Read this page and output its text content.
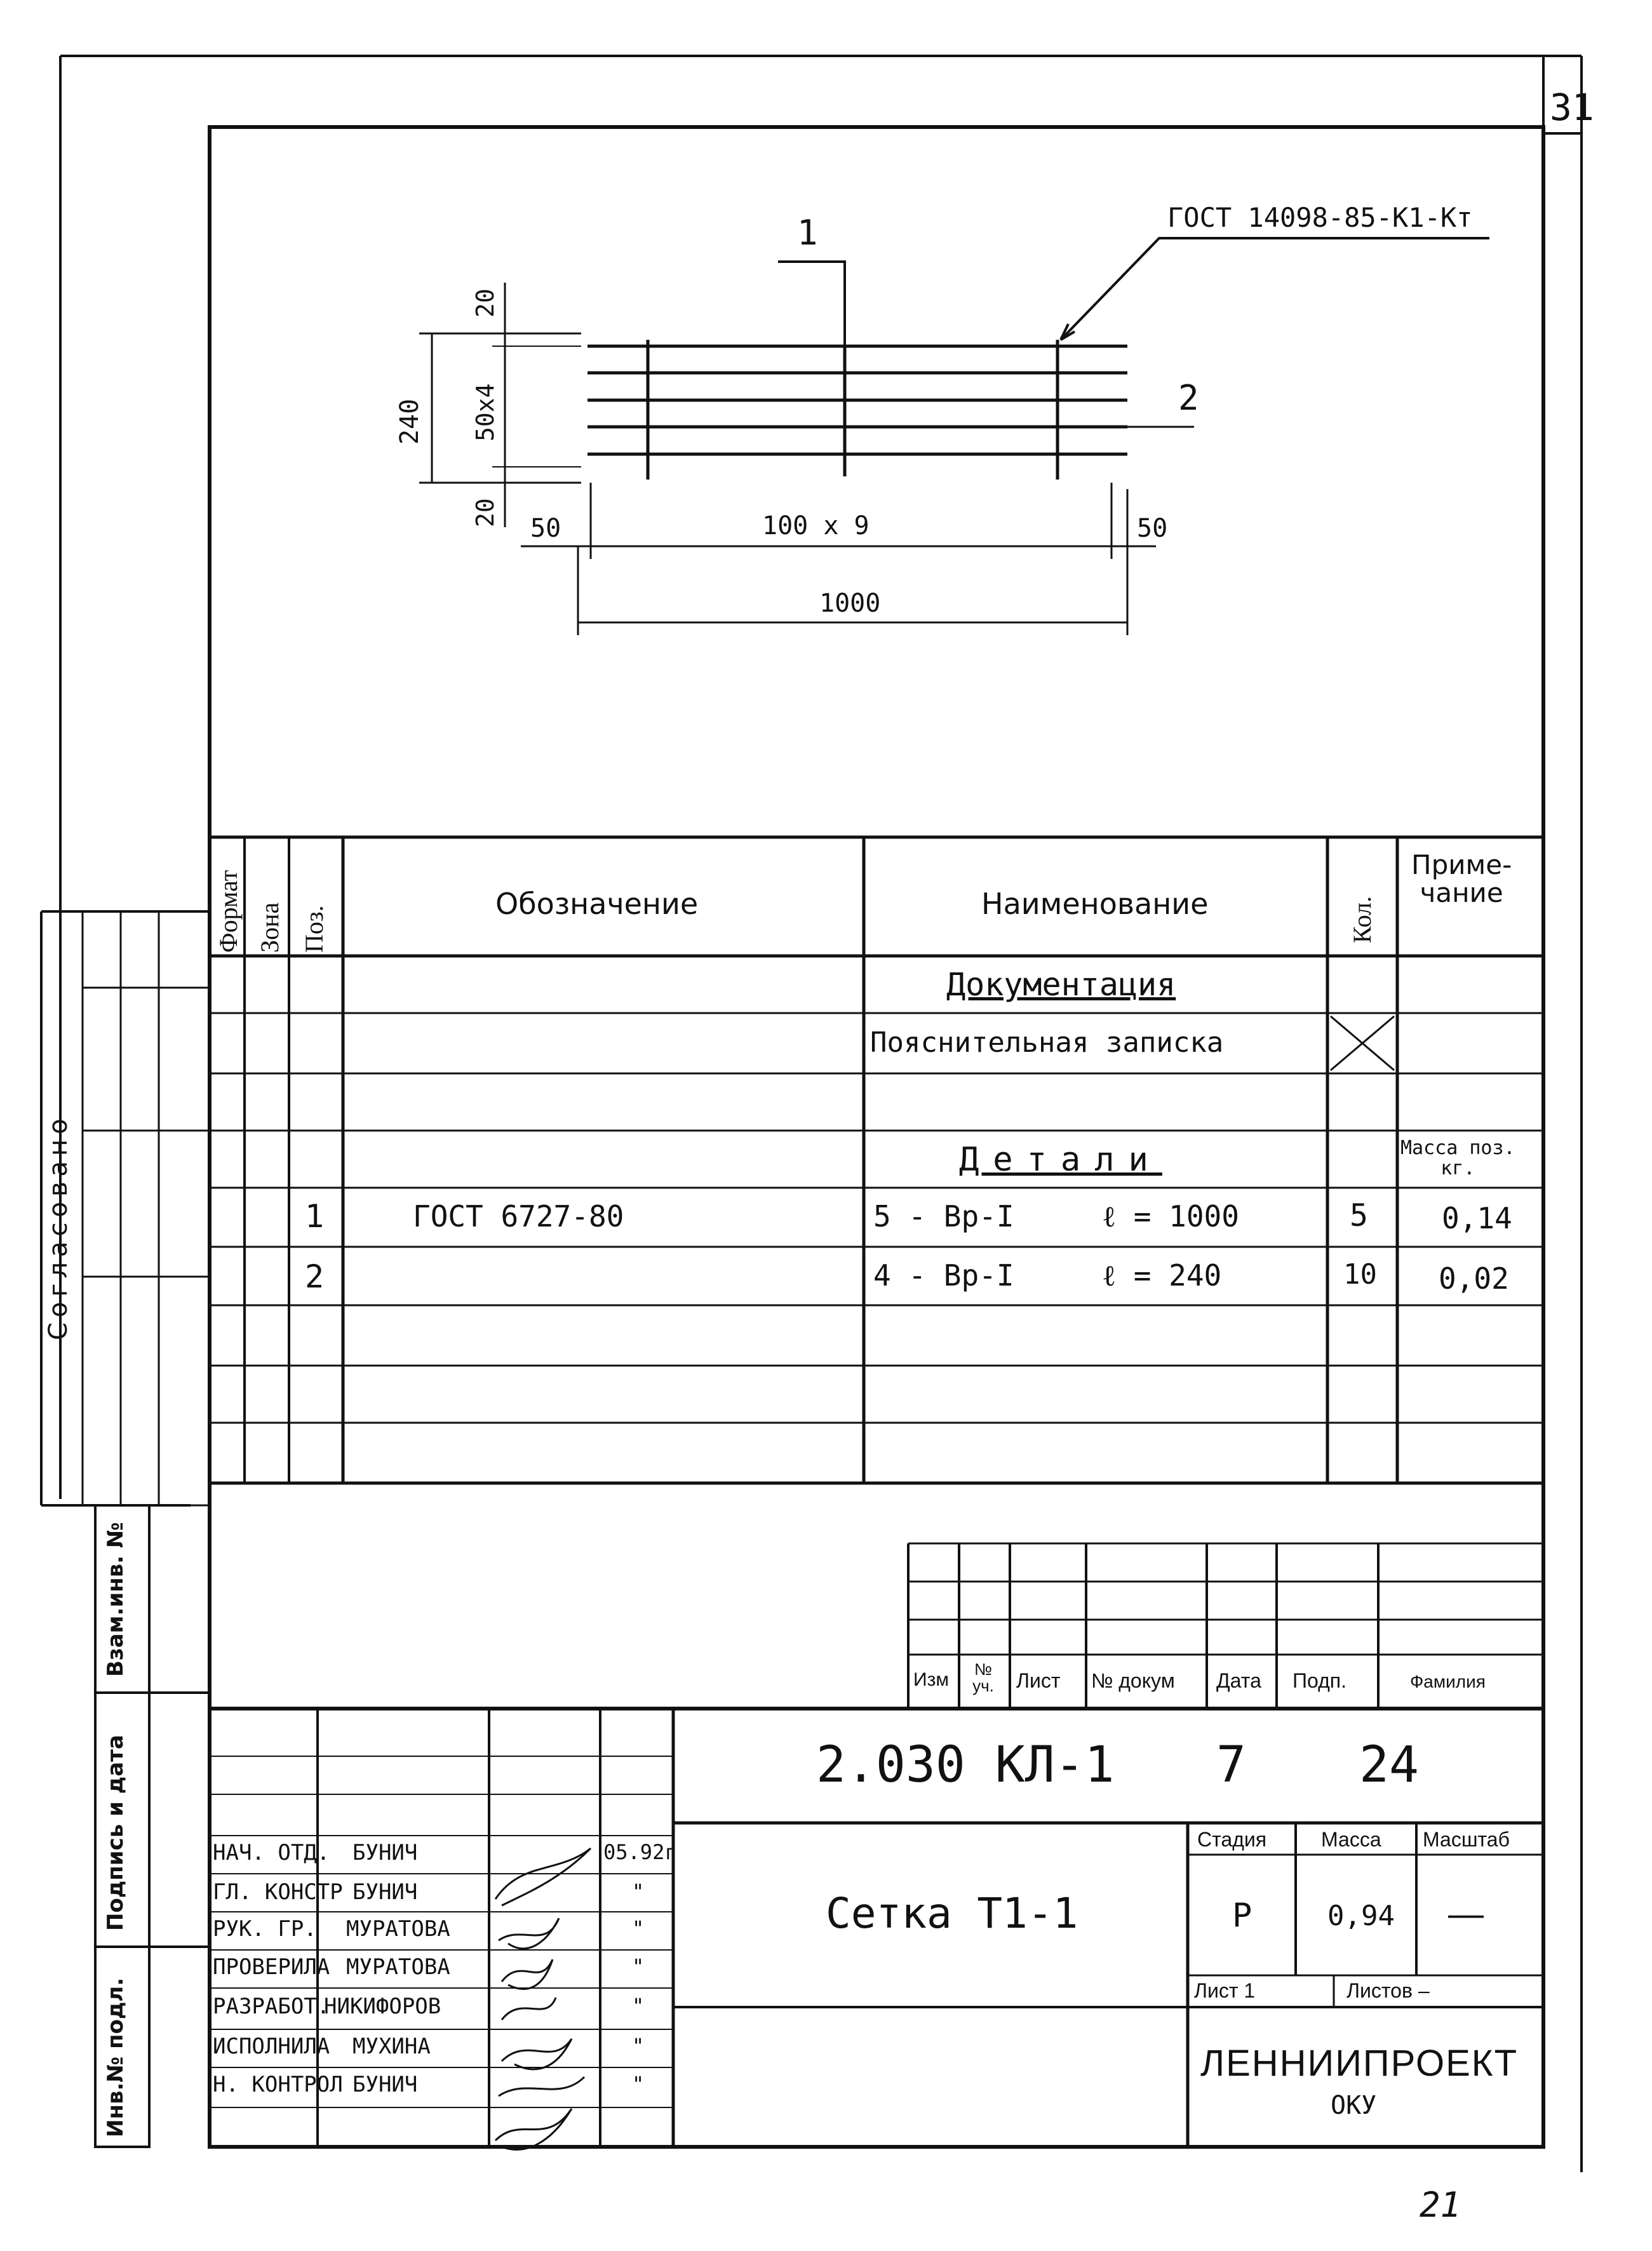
31
21
ГОСТ 14098-85-К1-Кт
1
2
20
50x4
20
240
50	100 x 9	50
1000
Формат Зона Поз.
Обозначение	Наименование	Кол.
Приме-
чание
Документация
Пояснительная записка
Детали	Масса поз.
кг.
1	ГОСТ 6727-80	5 - Вр-I     ℓ = 1000	5	0,14
2	4 - Вр-I     ℓ = 240	10 0,02
Согласовано
Взам.инв. №
Подпись и дата
Инв.№ подл.
Изм	№ уч.	Лист № докум Дата Подп.	Фамилия
2.030 КЛ-1 7 24
Сетка Т1-1
Стадия	Масса Масштаб
Р	0,94 —
Лист 1	Листов –
ЛЕННИИПРОЕКТ
ОКУ
НАЧ. ОТД. БУНИЧ	05.92г
ГЛ. КОНСТР БУНИЧ	"
РУК. ГР. МУРАТОВА	"
ПРОВЕРИЛА МУРАТОВА	"
РАЗРАБОТ.
НИКИФОРОВ	"
ИСПОЛНИЛА МУХИНА	"
Н. КОНТРОЛ БУНИЧ	"
